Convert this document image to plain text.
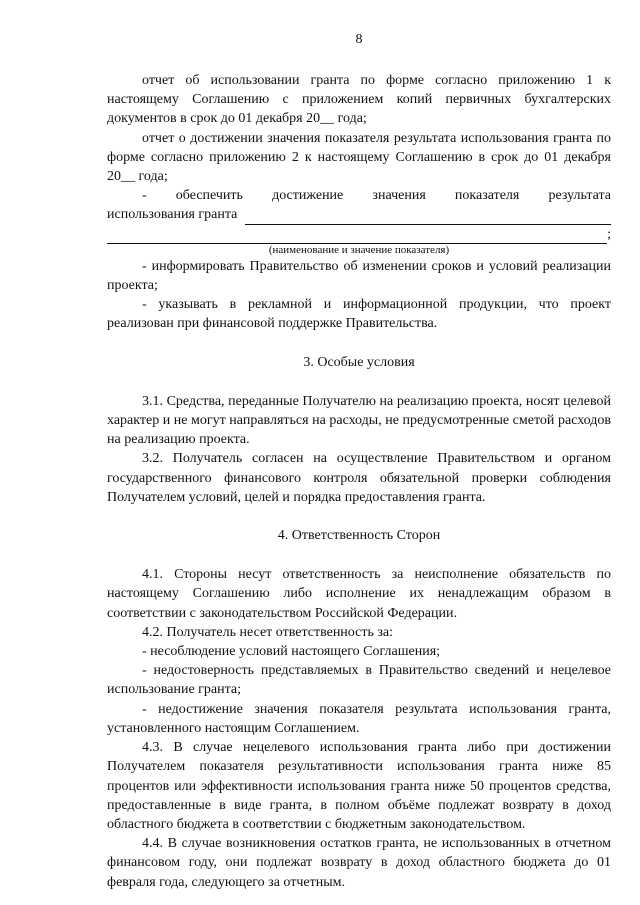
8

отчет об использовании гранта по форме согласно приложению 1 к настоящему Соглашению с приложением копий первичных бухгалтерских документов в срок до 01 декабря 20__ года;

отчет о достижении значения показателя результата использования гранта по форме согласно приложению 2 к настоящему Соглашению в срок до 01 декабря 20__ года;

- обеспечить достижение значения показателя результата

использования гранта
;
(наименование и значение показателя)

- информировать Правительство об изменении сроков и условий реализации проекта;

- указывать в рекламной и информационной продукции, что проект реализован при финансовой поддержке Правительства.

3. Особые условия

3.1. Средства, переданные Получателю на реализацию проекта, носят целевой характер и не могут направляться на расходы, не предусмотренные сметой расходов на реализацию проекта.

3.2. Получатель согласен на осуществление Правительством и органом государственного финансового контроля обязательной проверки соблюдения Получателем условий, целей и порядка предоставления гранта.

4. Ответственность Сторон

4.1. Стороны несут ответственность за неисполнение обязательств по настоящему Соглашению либо исполнение их ненадлежащим образом в соответствии с законодательством Российской Федерации.

4.2. Получатель несет ответственность за:

- несоблюдение условий настоящего Соглашения;

- недостоверность представляемых в Правительство сведений и нецелевое использование гранта;

- недостижение значения показателя результата использования гранта, установленного настоящим Соглашением.

4.3. В случае нецелевого использования гранта либо при достижении Получателем показателя результативности использования гранта ниже 85 процентов или эффективности использования гранта ниже 50 процентов средства, предоставленные в виде гранта, в полном объёме подлежат возврату в доход областного бюджета в соответствии с бюджетным законодательством.

4.4. В случае возникновения остатков гранта, не использованных в отчетном финансовом году, они подлежат возврату в доход областного бюджета до 01 февраля года, следующего за отчетным.
